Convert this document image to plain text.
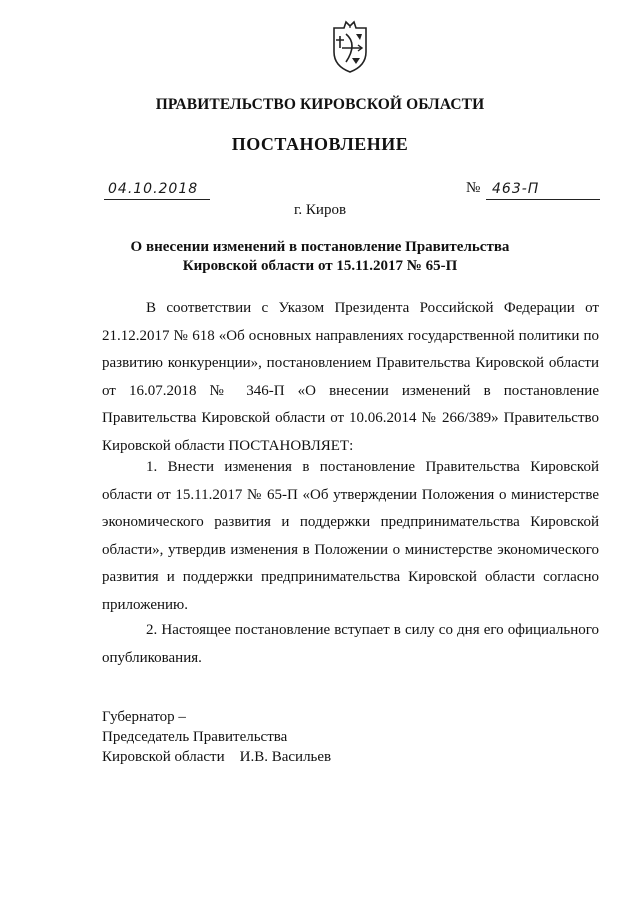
ПРАВИТЕЛЬСТВО КИРОВСКОЙ ОБЛАСТИ
ПОСТАНОВЛЕНИЕ
04.10.2018	№ 463-П
г. Киров
О внесении изменений в постановление Правительства
Кировской области от 15.11.2017 № 65-П

В соответствии с Указом Президента Российской Федерации от 21.12.2017 № 618 «Об основных направлениях государственной политики по развитию конкуренции», постановлением Правительства Кировской области от 16.07.2018 № 346-П «О внесении изменений в постановление Правительства Кировской области от 10.06.2014 № 266/389» Правительство Кировской области ПОСТАНОВЛЯЕТ:

1. Внести изменения в постановление Правительства Кировской области от 15.11.2017 № 65-П «Об утверждении Положения о министерстве экономического развития и поддержки предпринимательства Кировской области», утвердив изменения в Положении о министерстве экономического развития и поддержки предпринимательства Кировской области согласно приложению.

2. Настоящее постановление вступает в силу со дня его официального опубликования.

Губернатор –
Председатель Правительства
Кировской области    И.В. Васильев
